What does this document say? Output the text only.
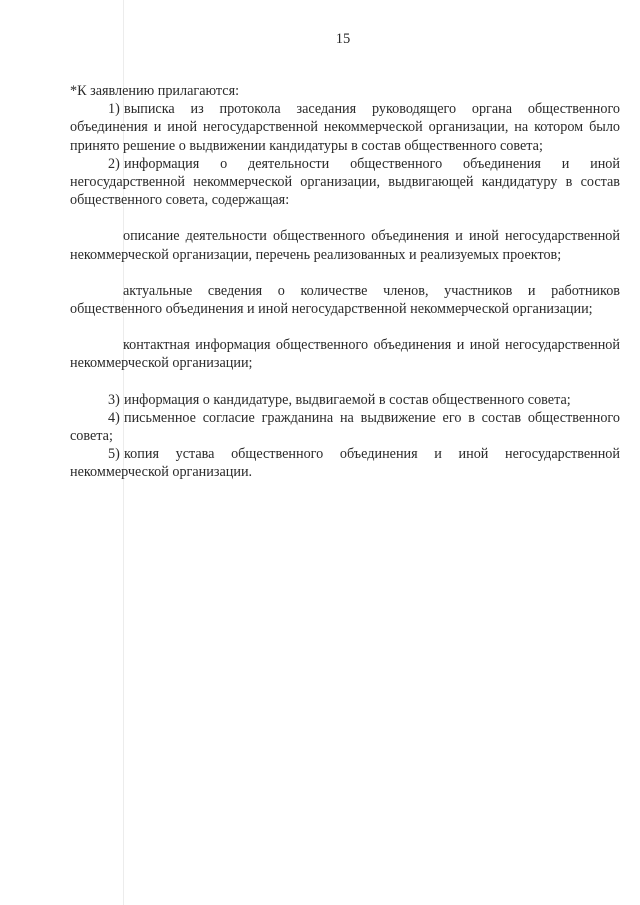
15

*К заявлению прилагаются:

1) выписка из протокола заседания руководящего органа общественного объединения и иной негосударственной некоммерческой организации, на котором было принято решение о выдвижении кандидатуры в состав общественного совета;

2) информация о деятельности общественного объединения и иной негосударственной некоммерческой организации, выдвигающей кандидатуру в состав общественного совета, содержащая:

описание деятельности общественного объединения и иной негосударственной некоммерческой организации, перечень реализованных и реализуемых проектов;

актуальные сведения о количестве членов, участников и работников общественного объединения и иной негосударственной некоммерческой организации;

контактная информация общественного объединения и иной негосударственной некоммерческой организации;

3) информация о кандидатуре, выдвигаемой в состав общественного совета;

4) письменное согласие гражданина на выдвижение его в состав общественного совета;

5) копия устава общественного объединения и иной негосударственной некоммерческой организации.
